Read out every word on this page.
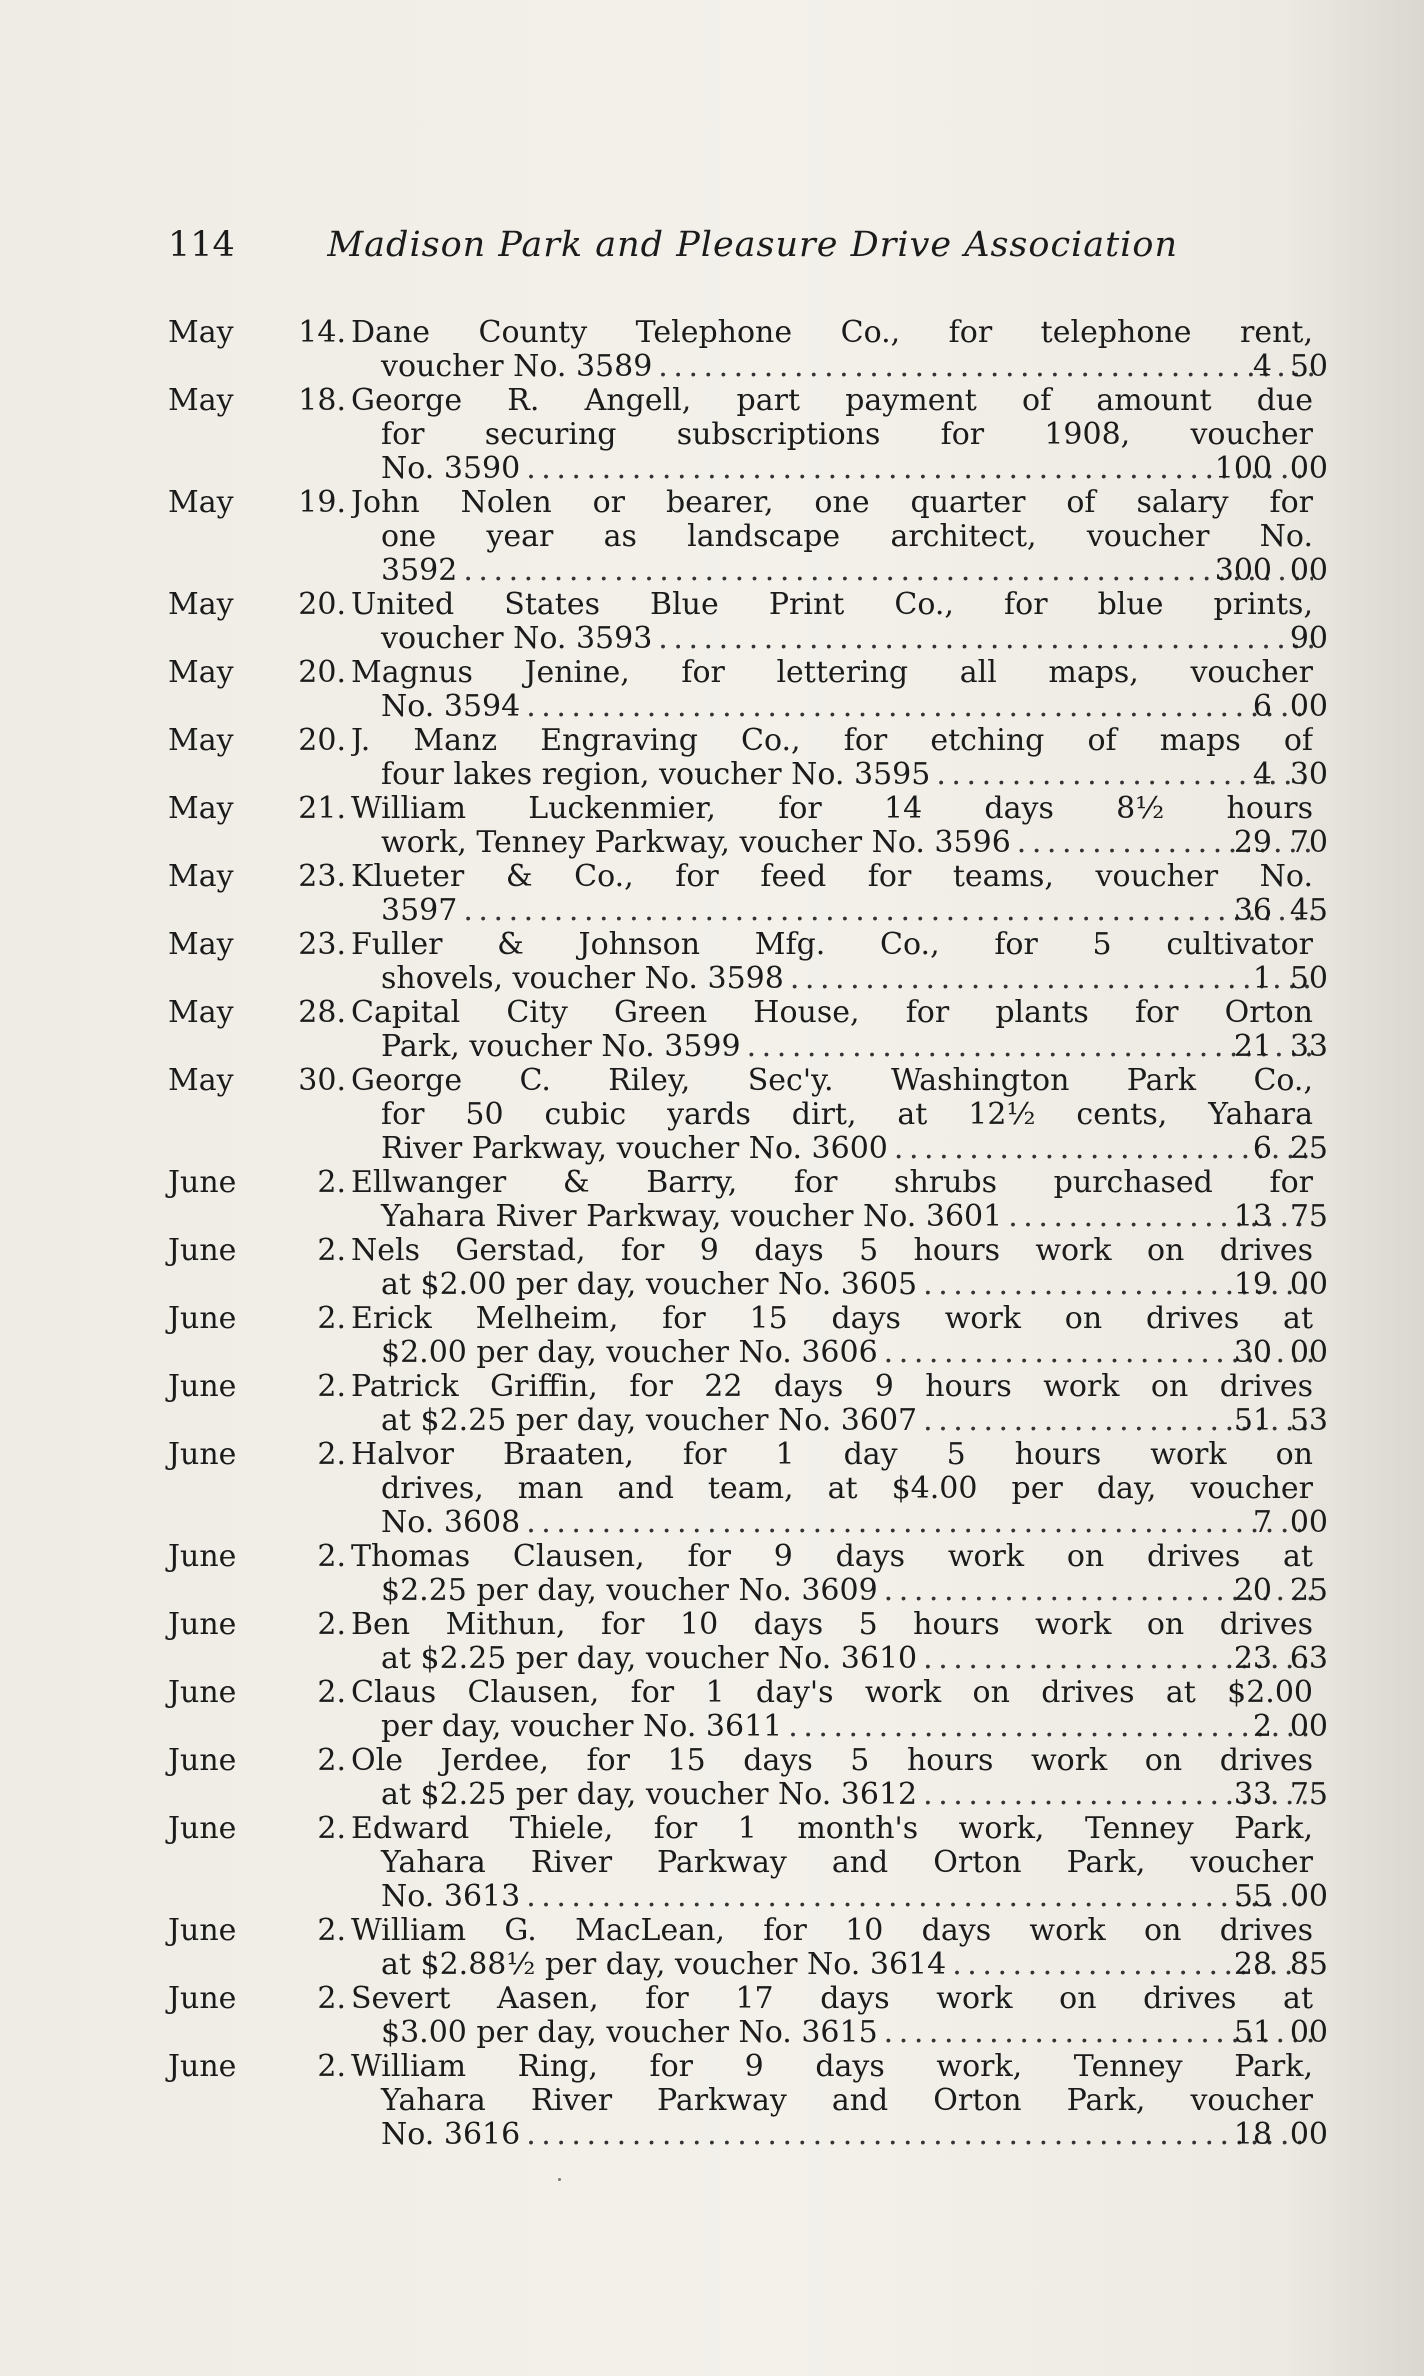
114	Madison Park and Pleasure Drive Association
May	14. Dane County Telephone Co., for telephone rent,
voucher No. 3589 . . .	4 50
May	18. George R. Angell, part payment of amount due
for securing subscriptions for 1908, voucher
No. 3590 . . .	100 00
May	19. John Nolen or bearer, one quarter of salary for
one year as landscape architect, voucher No.
3592 . . .	300 00
May	20. United States Blue Print Co., for blue prints,
voucher No. 3593 . . .	90
May	20. Magnus Jenine, for lettering all maps, voucher
No. 3594 . . .	6 00
May	20. J. Manz Engraving Co., for etching of maps of
four lakes region, voucher No. 3595 . . .	4 30
May	21. William Luckenmier, for 14 days 8½ hours
work, Tenney Parkway, voucher No. 3596 . . .	29 70
May	23. Klueter & Co., for feed for teams, voucher No.
3597 . . .	36 45
May	23. Fuller & Johnson Mfg. Co., for 5 cultivator
shovels, voucher No. 3598 . . .	1 50
May	28. Capital City Green House, for plants for Orton
Park, voucher No. 3599 . . .	21 33
May	30. George C. Riley, Sec'y. Washington Park Co.,
for 50 cubic yards dirt, at 12½ cents, Yahara
River Parkway, voucher No. 3600 . . .	6 25
June	2. Ellwanger & Barry, for shrubs purchased for
Yahara River Parkway, voucher No. 3601 . . .	13 75
June	2. Nels Gerstad, for 9 days 5 hours work on drives
at $2.00 per day, voucher No. 3605 . . .	19 00
June	2. Erick Melheim, for 15 days work on drives at
$2.00 per day, voucher No. 3606 . . .	30 00
June	2. Patrick Griffin, for 22 days 9 hours work on drives
at $2.25 per day, voucher No. 3607 . . .	51 53
June	2. Halvor Braaten, for 1 day 5 hours work on
drives, man and team, at $4.00 per day, voucher
No. 3608 . . .	7 00
June	2. Thomas Clausen, for 9 days work on drives at
$2.25 per day, voucher No. 3609 . . .	20 25
June	2. Ben Mithun, for 10 days 5 hours work on drives
at $2.25 per day, voucher No. 3610 . . .	23 63
June	2. Claus Clausen, for 1 day's work on drives at $2.00
per day, voucher No. 3611 . . .	2 00
June	2. Ole Jerdee, for 15 days 5 hours work on drives
at $2.25 per day, voucher No. 3612 . . .	33 75
June	2. Edward Thiele, for 1 month's work, Tenney Park,
Yahara River Parkway and Orton Park, voucher
No. 3613 . . .	55 00
June	2. William G. MacLean, for 10 days work on drives
at $2.88½ per day, voucher No. 3614 . . .	28 85
June	2. Severt Aasen, for 17 days work on drives at
$3.00 per day, voucher No. 3615 . . .	51 00
June	2. William Ring, for 9 days work, Tenney Park,
Yahara River Parkway and Orton Park, voucher
No. 3616 . . .	18 00
